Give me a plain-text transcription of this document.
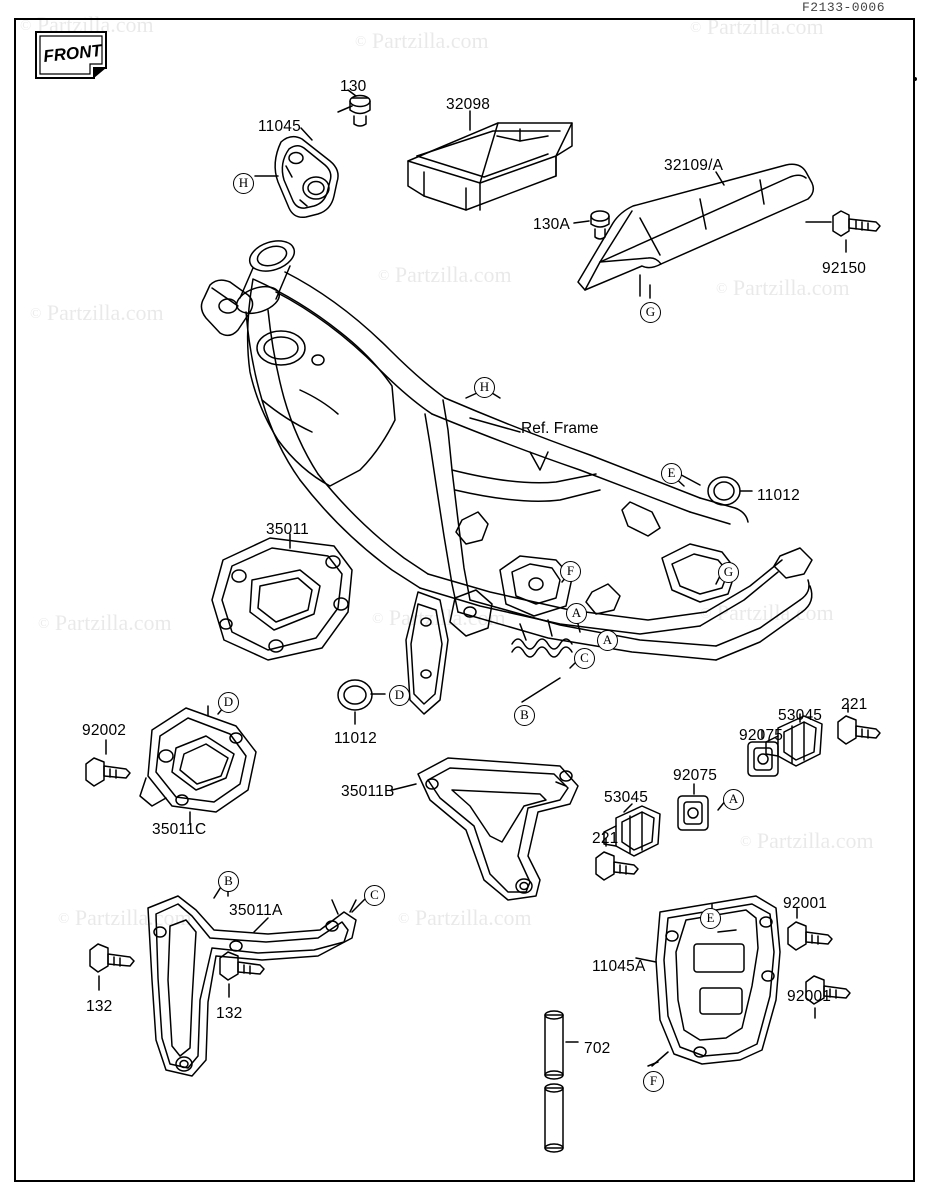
F2133-0006
FRONT
© Partzilla.com
© Partzilla.com	© Partzilla.com
© Partzilla.com
© Partzilla.com
© Partzilla.com
© Partzilla.com	© Partzilla.com	© Partzilla.com
© Partzilla.com
© Partzilla.com	© Partzilla.com
Ref. Frame
130
11045
32098
32109/A
130A
92150
11012
35011
11012
92002
35011C
35011B
35011A
132	132
53045
221
92075
92075
53045
221
11045A
92001
92001
702
H
G
H
E
F	G
A
A
C
D
B
D
A
B
C
E
F
